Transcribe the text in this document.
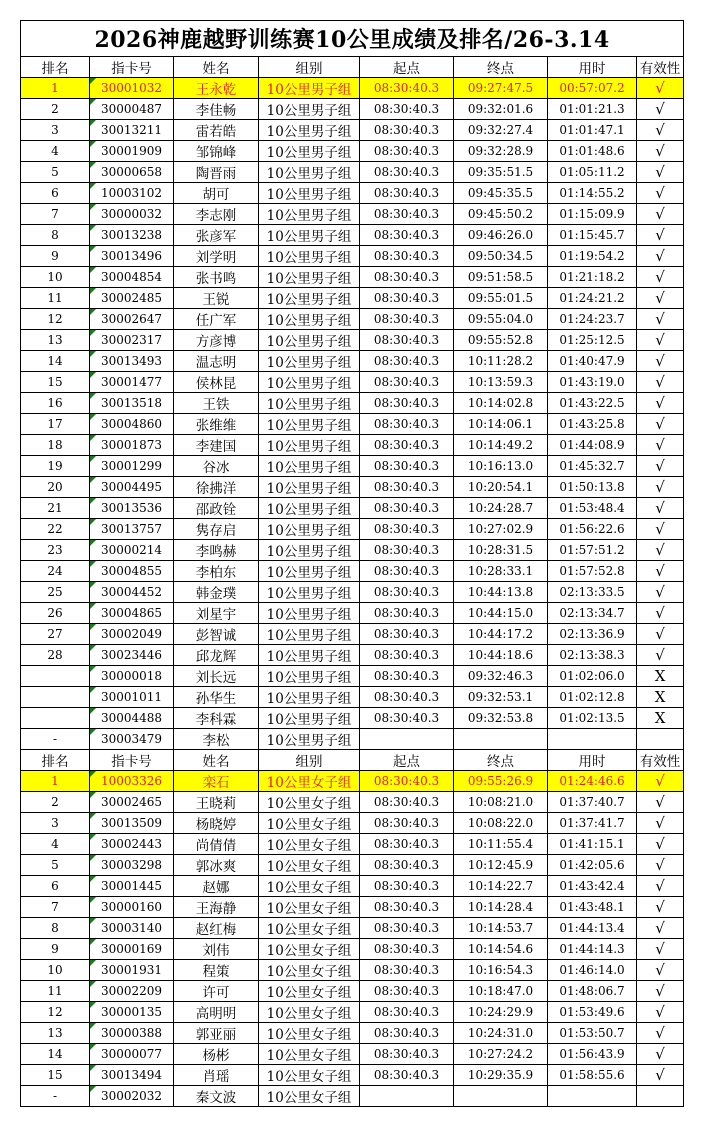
2026神鹿越野训练赛10公里成绩及排名/26-3.14							
排名	指卡号	姓名	组别	起点	终点	用时	有效性
1	30001032	王永乾	10公里男子组	08:30:40.3	09:27:47.5	00:57:07.2	√
2	30000487	李佳畅	10公里男子组	08:30:40.3	09:32:01.6	01:01:21.3	√
3	30013211	雷若皓	10公里男子组	08:30:40.3	09:32:27.4	01:01:47.1	√
4	30001909	邹锦峰	10公里男子组	08:30:40.3	09:32:28.9	01:01:48.6	√
5	30000658	陶晋雨	10公里男子组	08:30:40.3	09:35:51.5	01:05:11.2	√
6	10003102	胡可	10公里男子组	08:30:40.3	09:45:35.5	01:14:55.2	√
7	30000032	李志刚	10公里男子组	08:30:40.3	09:45:50.2	01:15:09.9	√
8	30013238	张彦军	10公里男子组	08:30:40.3	09:46:26.0	01:15:45.7	√
9	30013496	刘学明	10公里男子组	08:30:40.3	09:50:34.5	01:19:54.2	√
10	30004854	张书鸣	10公里男子组	08:30:40.3	09:51:58.5	01:21:18.2	√
11	30002485	王锐	10公里男子组	08:30:40.3	09:55:01.5	01:24:21.2	√
12	30002647	任广军	10公里男子组	08:30:40.3	09:55:04.0	01:24:23.7	√
13	30002317	方彦博	10公里男子组	08:30:40.3	09:55:52.8	01:25:12.5	√
14	30013493	温志明	10公里男子组	08:30:40.3	10:11:28.2	01:40:47.9	√
15	30001477	侯林昆	10公里男子组	08:30:40.3	10:13:59.3	01:43:19.0	√
16	30013518	王铁	10公里男子组	08:30:40.3	10:14:02.8	01:43:22.5	√
17	30004860	张维维	10公里男子组	08:30:40.3	10:14:06.1	01:43:25.8	√
18	30001873	李建国	10公里男子组	08:30:40.3	10:14:49.2	01:44:08.9	√
19	30001299	谷冰	10公里男子组	08:30:40.3	10:16:13.0	01:45:32.7	√
20	30004495	徐拂洋	10公里男子组	08:30:40.3	10:20:54.1	01:50:13.8	√
21	30013536	邵政铨	10公里男子组	08:30:40.3	10:24:28.7	01:53:48.4	√
22	30013757	隽存启	10公里男子组	08:30:40.3	10:27:02.9	01:56:22.6	√
23	30000214	李鸣赫	10公里男子组	08:30:40.3	10:28:31.5	01:57:51.2	√
24	30004855	李柏东	10公里男子组	08:30:40.3	10:28:33.1	01:57:52.8	√
25	30004452	韩金璞	10公里男子组	08:30:40.3	10:44:13.8	02:13:33.5	√
26	30004865	刘星宇	10公里男子组	08:30:40.3	10:44:15.0	02:13:34.7	√
27	30002049	彭智诚	10公里男子组	08:30:40.3	10:44:17.2	02:13:36.9	√
28	30023446	邱龙辉	10公里男子组	08:30:40.3	10:44:18.6	02:13:38.3	√
	30000018	刘长远	10公里男子组	08:30:40.3	09:32:46.3	01:02:06.0	X
	30001011	孙华生	10公里男子组	08:30:40.3	09:32:53.1	01:02:12.8	X
	30004488	李科霖	10公里男子组	08:30:40.3	09:32:53.8	01:02:13.5	X
-	30003479	李松	10公里男子组				
排名	指卡号	姓名	组别	起点	终点	用时	有效性
1	10003326	栾石	10公里女子组	08:30:40.3	09:55:26.9	01:24:46.6	√
2	30002465	王晓莉	10公里女子组	08:30:40.3	10:08:21.0	01:37:40.7	√
3	30013509	杨晓婷	10公里女子组	08:30:40.3	10:08:22.0	01:37:41.7	√
4	30002443	尚倩倩	10公里女子组	08:30:40.3	10:11:55.4	01:41:15.1	√
5	30003298	郭冰爽	10公里女子组	08:30:40.3	10:12:45.9	01:42:05.6	√
6	30001445	赵娜	10公里女子组	08:30:40.3	10:14:22.7	01:43:42.4	√
7	30000160	王海静	10公里女子组	08:30:40.3	10:14:28.4	01:43:48.1	√
8	30003140	赵红梅	10公里女子组	08:30:40.3	10:14:53.7	01:44:13.4	√
9	30000169	刘伟	10公里女子组	08:30:40.3	10:14:54.6	01:44:14.3	√
10	30001931	程策	10公里女子组	08:30:40.3	10:16:54.3	01:46:14.0	√
11	30002209	许可	10公里女子组	08:30:40.3	10:18:47.0	01:48:06.7	√
12	30000135	高明明	10公里女子组	08:30:40.3	10:24:29.9	01:53:49.6	√
13	30000388	郭亚丽	10公里女子组	08:30:40.3	10:24:31.0	01:53:50.7	√
14	30000077	杨彬	10公里女子组	08:30:40.3	10:27:24.2	01:56:43.9	√
15	30013494	肖瑶	10公里女子组	08:30:40.3	10:29:35.9	01:58:55.6	√
-	30002032	秦文波	10公里女子组				
